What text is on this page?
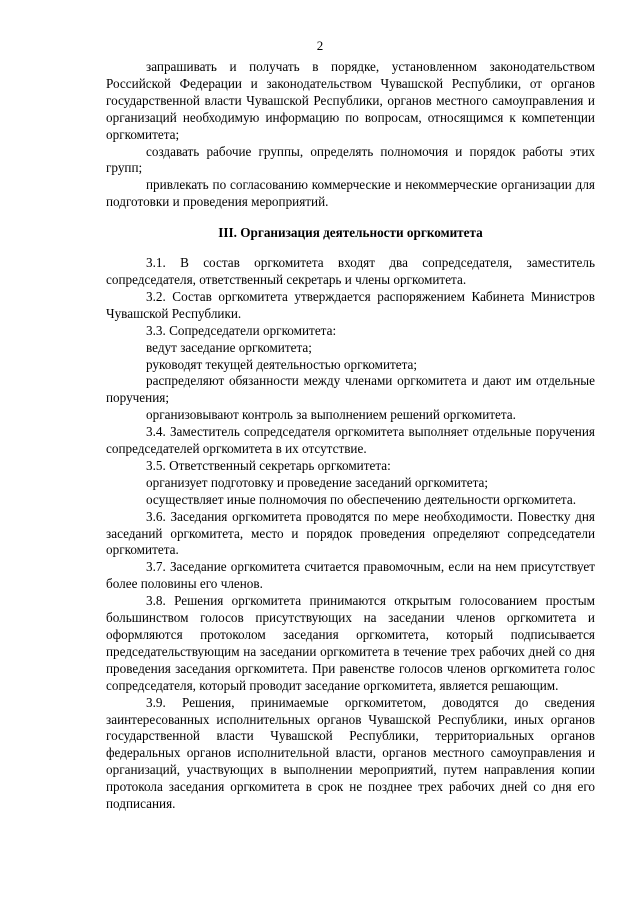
2

запрашивать и получать в порядке, установленном законодательством Российской Федерации и законодательством Чувашской Республики, от органов государственной власти Чувашской Республики, органов местного самоуправления и организаций необходимую информацию по вопросам, относящимся к компетенции оргкомитета;

создавать рабочие группы, определять полномочия и порядок работы этих групп;

привлекать по согласованию коммерческие и некоммерческие организации для подготовки и проведения мероприятий.

III. Организация деятельности оргкомитета

3.1. В состав оргкомитета входят два сопредседателя, заместитель сопредседателя, ответственный секретарь и члены оргкомитета.

3.2. Состав оргкомитета утверждается распоряжением Кабинета Министров Чувашской Республики.

3.3. Сопредседатели оргкомитета:

ведут заседание оргкомитета;

руководят текущей деятельностью оргкомитета;

распределяют обязанности между членами оргкомитета и дают им отдельные поручения;

организовывают контроль за выполнением решений оргкомитета.

3.4. Заместитель сопредседателя оргкомитета выполняет отдельные поручения сопредседателей оргкомитета в их отсутствие.

3.5. Ответственный секретарь оргкомитета:

организует подготовку и проведение заседаний оргкомитета;

осуществляет иные полномочия по обеспечению деятельности оргкомитета.

3.6. Заседания оргкомитета проводятся по мере необходимости. Повестку дня заседаний оргкомитета, место и порядок проведения определяют сопредседатели оргкомитета.

3.7. Заседание оргкомитета считается правомочным, если на нем присутствует более половины его членов.

3.8. Решения оргкомитета принимаются открытым голосованием простым большинством голосов присутствующих на заседании членов оргкомитета и оформляются протоколом заседания оргкомитета, который подписывается председательствующим на заседании оргкомитета в течение трех рабочих дней со дня проведения заседания оргкомитета. При равенстве голосов членов оргкомитета голос сопредседателя, который проводит заседание оргкомитета, является решающим.

3.9. Решения, принимаемые оргкомитетом, доводятся до сведения заинтересованных исполнительных органов Чувашской Республики, иных органов государственной власти Чувашской Республики, территориальных органов федеральных органов исполнительной власти, органов местного самоуправления и организаций, участвующих в выполнении мероприятий, путем направления копии протокола заседания оргкомитета в срок не позднее трех рабочих дней со дня его подписания.
